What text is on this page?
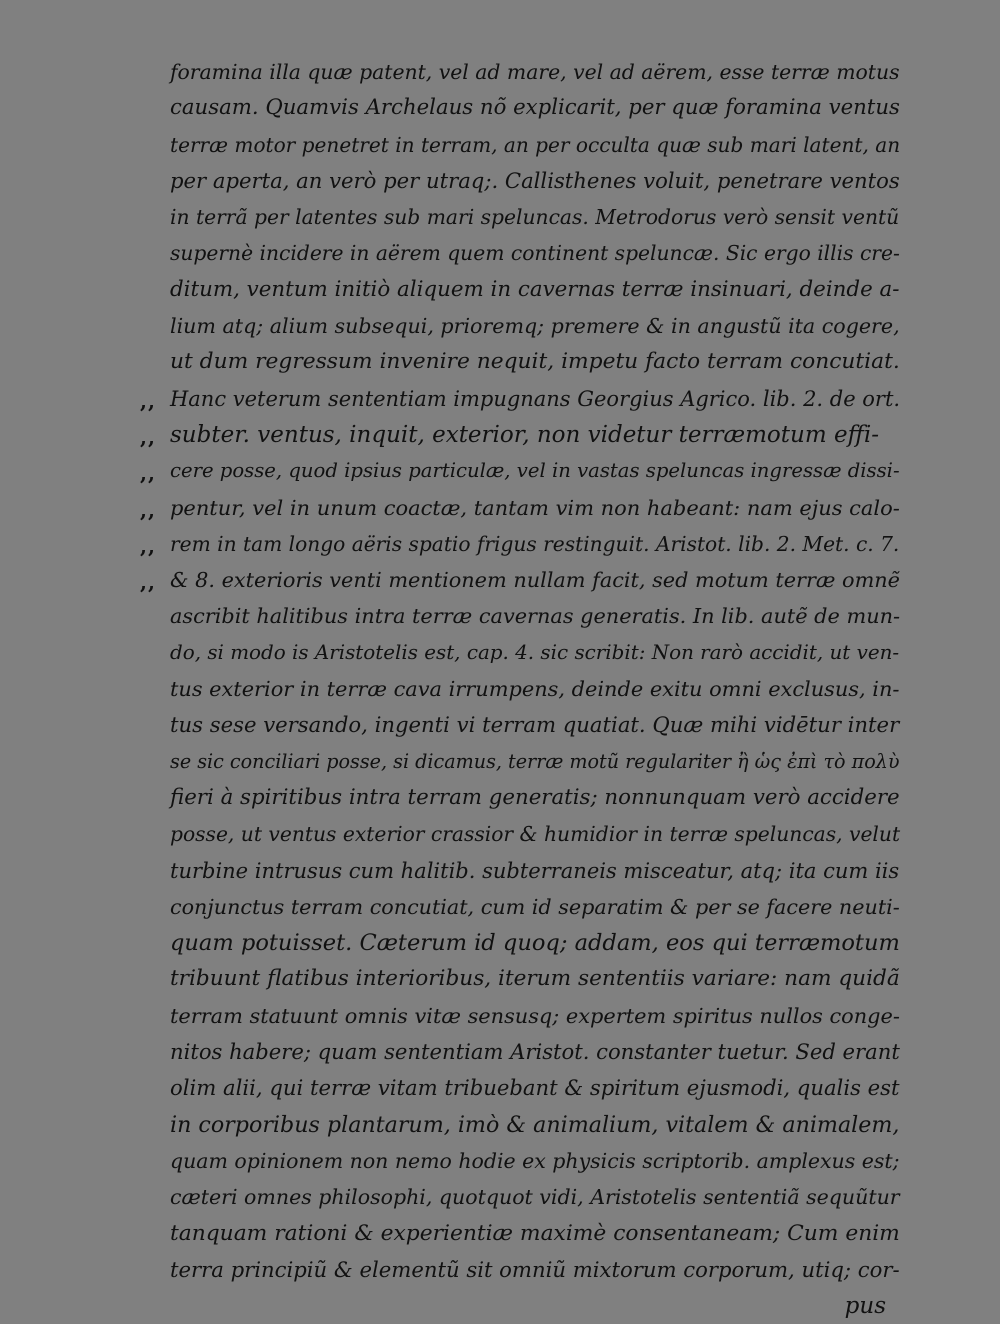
foramina illa quæ patent, vel ad mare, vel ad aërem, esse terræ motus
causam. Quamvis Archelaus nõ explicarit, per quæ foramina ventus
terræ motor penetret in terram, an per occulta quæ sub mari latent, an
per aperta, an verò per utraq;. Callisthenes voluit, penetrare ventos
in terrã per latentes sub mari speluncas. Metrodorus verò sensit ventũ
supernè incidere in aërem quem continent speluncæ. Sic ergo illis cre-
ditum, ventum initiò aliquem in cavernas terræ insinuari, deinde a-
lium atq; alium subsequi, prioremq; premere & in angustũ ita cogere,
ut dum regressum invenire nequit, impetu facto terram concutiat.
,, Hanc veterum sententiam impugnans Georgius Agrico. lib. 2. de ort.
,, subter. ventus, inquit, exterior, non videtur terræmotum effi-
,, cere posse, quod ipsius particulæ, vel in vastas speluncas ingressæ dissi-
,, pentur, vel in unum coactæ, tantam vim non habeant: nam ejus calo-
,, rem in tam longo aëris spatio frigus restinguit. Aristot. lib. 2. Met. c. 7.
,, & 8. exterioris venti mentionem nullam facit, sed motum terræ omnẽ
ascribit halitibus intra terræ cavernas generatis. In lib. autẽ de mun-
do, si modo is Aristotelis est, cap. 4. sic scribit: Non rarò accidit, ut ven-
tus exterior in terræ cava irrumpens, deinde exitu omni exclusus, in-
tus sese versando, ingenti vi terram quatiat. Quæ mihi vidētur inter
se sic conciliari posse, si dicamus, terræ motũ regulariter ἢ ὡς ἐπὶ τὸ πολὺ
fieri à spiritibus intra terram generatis; nonnunquam verò accidere
posse, ut ventus exterior crassior & humidior in terræ speluncas, velut
turbine intrusus cum halitib. subterraneis misceatur, atq; ita cum iis
conjunctus terram concutiat, cum id separatim & per se facere neuti-
quam potuisset. Cæterum id quoq; addam, eos qui terræmotum
tribuunt flatibus interioribus, iterum sententiis variare: nam quidã
terram statuunt omnis vitæ sensusq; expertem spiritus nullos conge-
nitos habere; quam sententiam Aristot. constanter tuetur. Sed erant
olim alii, qui terræ vitam tribuebant & spiritum ejusmodi, qualis est
in corporibus plantarum, imò & animalium, vitalem & animalem,
quam opinionem non nemo hodie ex physicis scriptorib. amplexus est;
cæteri omnes philosophi, quotquot vidi, Aristotelis sententiã sequũtur
tanquam rationi & experientiæ maximè consentaneam; Cum enim
terra principiũ & elementũ sit omniũ mixtorum corporum, utiq; cor-
pus
